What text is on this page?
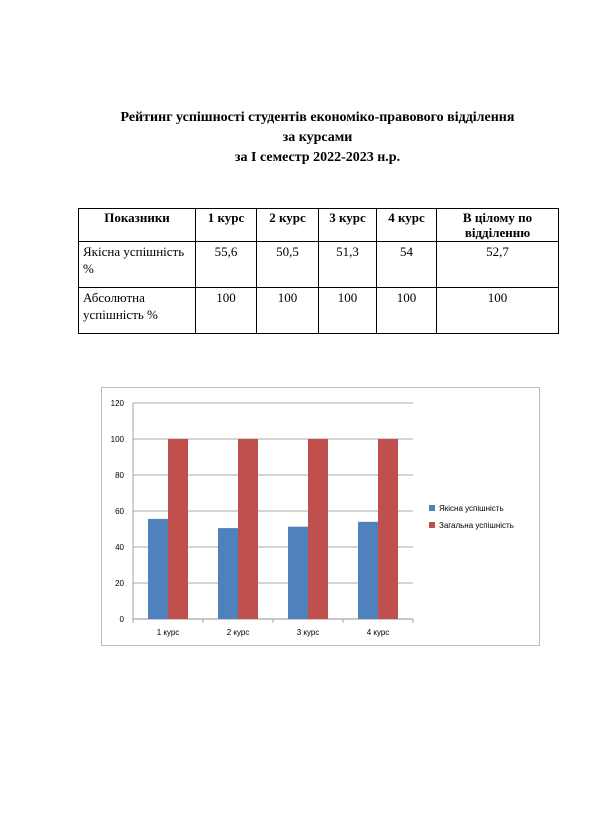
Рейтинг успішності студентів економіко-правового відділення
за курсами
за І семестр 2022-2023 н.р.
Показники	1 курс	2 курс	3 курс	4 курс	В цілому по відділенню
Якісна успішність %	55,6	50,5	51,3	54	52,7
Абсолютна успішність %	100	100	100	100	100
0
20
40
60
80
100
120
1 курс	2 курс	3 курс	4 курс
Якісна успішність
Загальна успішність
